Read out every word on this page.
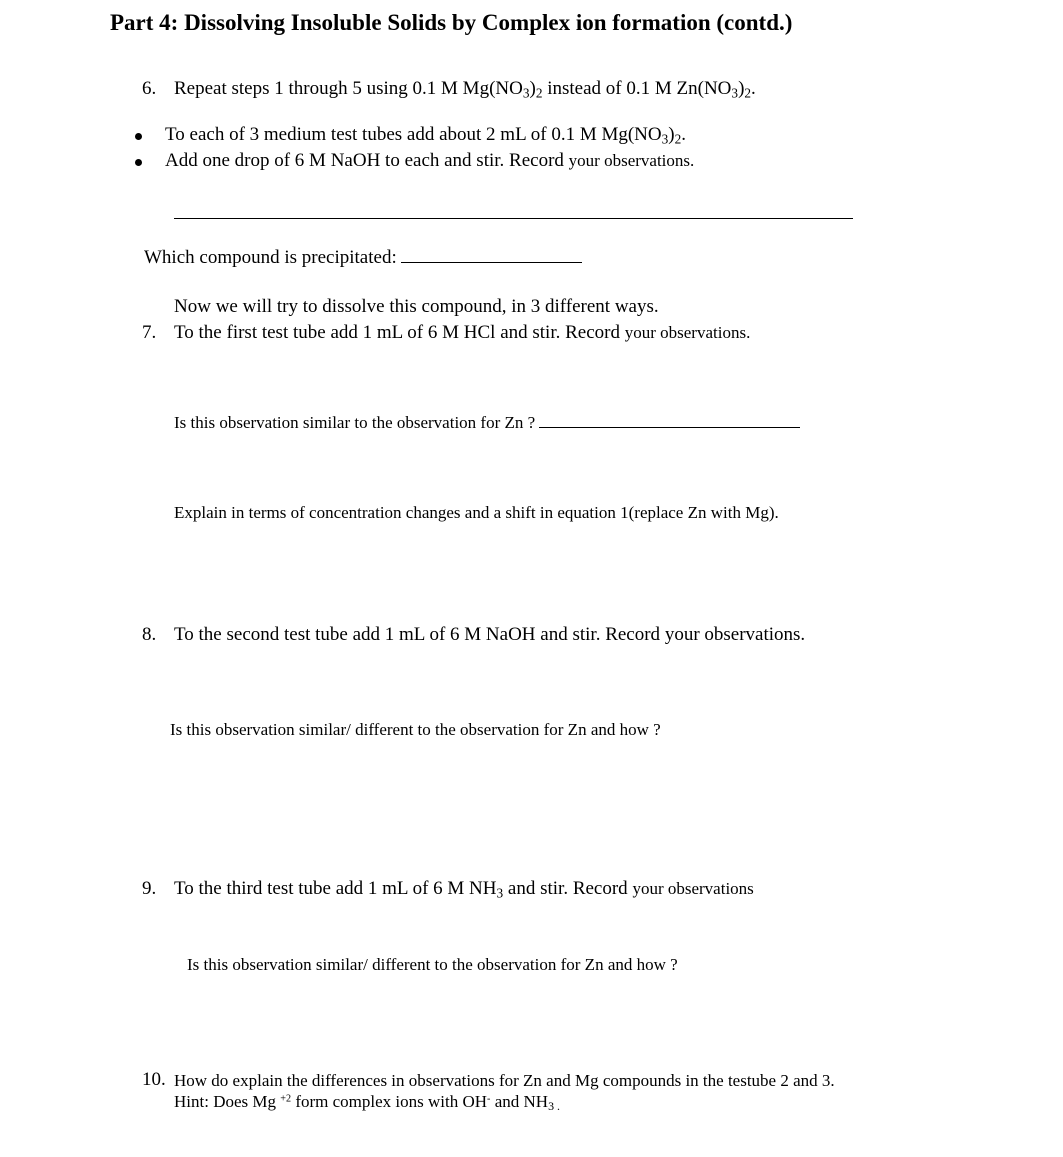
Part 4: Dissolving Insoluble Solids by Complex ion formation (contd.)
6. Repeat steps 1 through 5 using 0.1 M $Mg(NO_3)_2$ instead of 0.1 M $Zn(NO_3)_2$.
To each of 3 medium test tubes add about 2 mL of 0.1 M $Mg(NO_3)_2$.
Add one drop of 6 M NaOH to each and stir. Record your observations.
Which compound is precipitated:
Now we will try to dissolve this compound, in 3 different ways.
7. To the first test tube add 1 mL of 6 M HCl and stir. Record your observations.
Is this observation similar to the observation for Zn ?
Explain in terms of concentration changes and a shift in equation 1(replace Zn with Mg).
8. To the second test tube add 1 mL of 6 M NaOH and stir. Record your observations.
Is this observation similar/ different to the observation for Zn and how ?
9. To the third test tube add 1 mL of 6 M $NH_3$ and stir. Record your observations
Is this observation similar/ different to the observation for Zn and how ?
10. How do explain the differences in observations for Zn and Mg compounds in the testube 2 and 3.
Hint: Does Mg $^{+2}$ form complex ions with OH- and $NH_{3 .}$
